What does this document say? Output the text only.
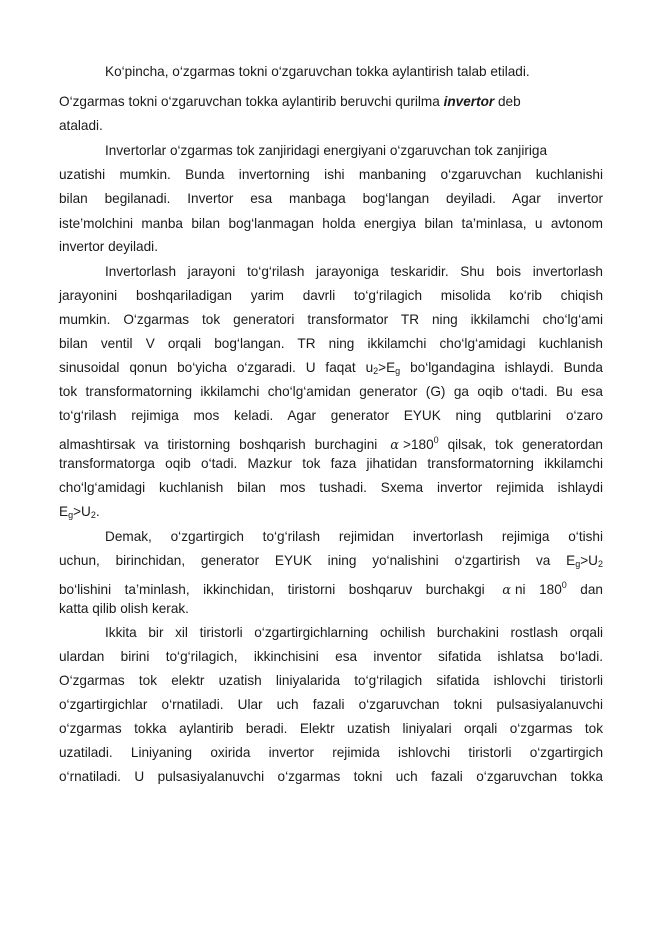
Ko‘pincha, o‘zgarmas tokni o‘zgaruvchan tokka aylantirish talab etiladi.
O‘zgarmas tokni o‘zgaruvchan tokka aylantirib beruvchi qurilma invertor deb
ataladi.
Invertorlar o‘zgarmas tok zanjiridagi energiyani o‘zgaruvchan tok zanjiriga
uzatishi mumkin. Bunda invertorning ishi manbaning o‘zgaruvchan kuchlanishi
bilan begilanadi. Invertor esa manbaga bog‘langan deyiladi. Agar invertor
iste’molchini manba bilan bog‘lanmagan holda energiya bilan ta’minlasa, u avtonom
invertor deyiladi.
Invertorlash jarayoni to‘g‘rilash jarayoniga teskaridir. Shu bois invertorlash
jarayonini boshqariladigan yarim davrli to‘g‘rilagich misolida ko‘rib chiqish
mumkin. O‘zgarmas tok generatori transformator TR ning ikkilamchi cho‘lg‘ami
bilan ventil V orqali bog‘langan. TR ning ikkilamchi cho‘lg‘amidagi kuchlanish
sinusoidal qonun bo‘yicha o‘zgaradi. U faqat $u_2>E_g$ bo‘lgandagina ishlaydi. Bunda
tok transformatorning ikkilamchi cho‘lg‘amidan generator (G) ga oqib o‘tadi. Bu esa
to‘g‘rilash rejimiga mos keladi. Agar generator EYUK ning qutblarini o‘zaro
almashtirsak va tiristorning boshqarish burchagini $\alpha >180^0$ qilsak, tok generatordan
transformatorga oqib o‘tadi. Mazkur tok faza jihatidan transformatorning ikkilamchi
cho‘lg‘amidagi kuchlanish bilan mos tushadi. Sxema invertor rejimida ishlaydi
$E_g>U_2$.
Demak, o‘zgartirgich to‘g‘rilash rejimidan invertorlash rejimiga o‘tishi
uchun, birinchidan, generator EYUK ining yo‘nalishini o‘zgartirish va $E_g>U_2$
bo‘lishini ta’minlash, ikkinchidan, tiristorni boshqaruv burchakgi α ni $180^0$ dan
katta qilib olish kerak.
Ikkita bir xil tiristorli o‘zgartirgichlarning ochilish burchakini rostlash orqali
ulardan birini to‘g‘rilagich, ikkinchisini esa inventor sifatida ishlatsa bo‘ladi.
O‘zgarmas tok elektr uzatish liniyalarida to‘g‘rilagich sifatida ishlovchi tiristorli
o‘zgartirgichlar o‘rnatiladi. Ular uch fazali o‘zgaruvchan tokni pulsasiyalanuvchi
o‘zgarmas tokka aylantirib beradi. Elektr uzatish liniyalari orqali o‘zgarmas tok
uzatiladi. Liniyaning oxirida invertor rejimida ishlovchi tiristorli o‘zgartirgich
o‘rnatiladi. U pulsasiyalanuvchi o‘zgarmas tokni uch fazali o‘zgaruvchan tokka
